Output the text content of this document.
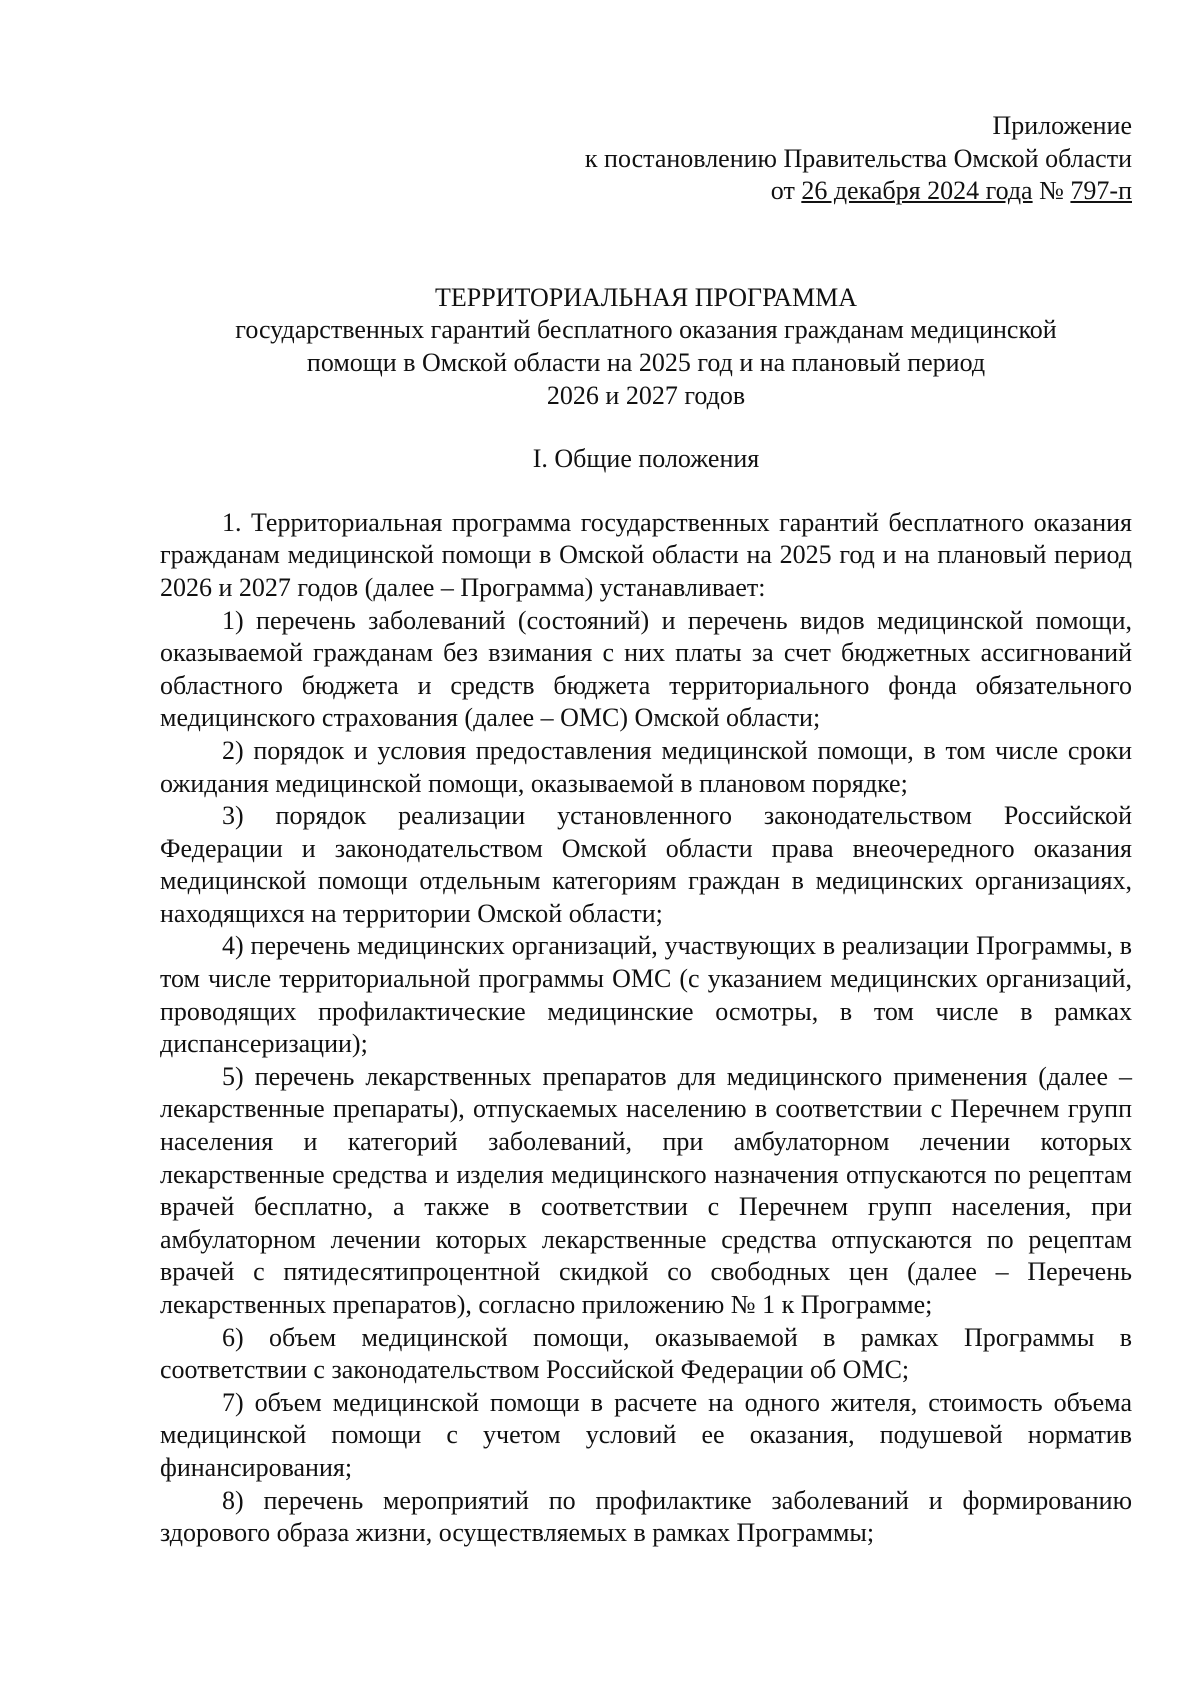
Приложение
к постановлению Правительства Омской области
от 26 декабря 2024 года № 797-п
ТЕРРИТОРИАЛЬНАЯ ПРОГРАММА
государственных гарантий бесплатного оказания гражданам медицинской
помощи в Омской области на 2025 год и на плановый период
2026 и 2027 годов
I. Общие положения

1. Территориальная программа государственных гарантий бесплатного оказания гражданам медицинской помощи в Омской области на 2025 год и на плановый период 2026 и 2027 годов (далее – Программа) устанавливает:

1) перечень заболеваний (состояний) и перечень видов медицинской помощи, оказываемой гражданам без взимания с них платы за счет бюджетных ассигнований областного бюджета и средств бюджета территориального фонда обязательного медицинского страхования (далее – ОМС) Омской области;

2) порядок и условия предоставления медицинской помощи, в том числе сроки ожидания медицинской помощи, оказываемой в плановом порядке;

3) порядок реализации установленного законодательством Российской Федерации и законодательством Омской области права внеочередного оказания медицинской помощи отдельным категориям граждан в медицинских организациях, находящихся на территории Омской области;

4) перечень медицинских организаций, участвующих в реализации Программы, в том числе территориальной программы ОМС (с указанием медицинских организаций, проводящих профилактические медицинские осмотры, в том числе в рамках диспансеризации);

5) перечень лекарственных препаратов для медицинского применения (далее – лекарственные препараты), отпускаемых населению в соответствии с Перечнем групп населения и категорий заболеваний, при амбулаторном лечении которых лекарственные средства и изделия медицинского назначения отпускаются по рецептам врачей бесплатно, а также в соответствии с Перечнем групп населения, при амбулаторном лечении которых лекарственные средства отпускаются по рецептам врачей с пятидесятипроцентной скидкой со свободных цен (далее – Перечень лекарственных препаратов), согласно приложению № 1 к Программе;

6) объем медицинской помощи, оказываемой в рамках Программы в соответствии с законодательством Российской Федерации об ОМС;

7) объем медицинской помощи в расчете на одного жителя, стоимость объема медицинской помощи с учетом условий ее оказания, подушевой норматив финансирования;

8) перечень мероприятий по профилактике заболеваний и формированию здорового образа жизни, осуществляемых в рамках Программы;
